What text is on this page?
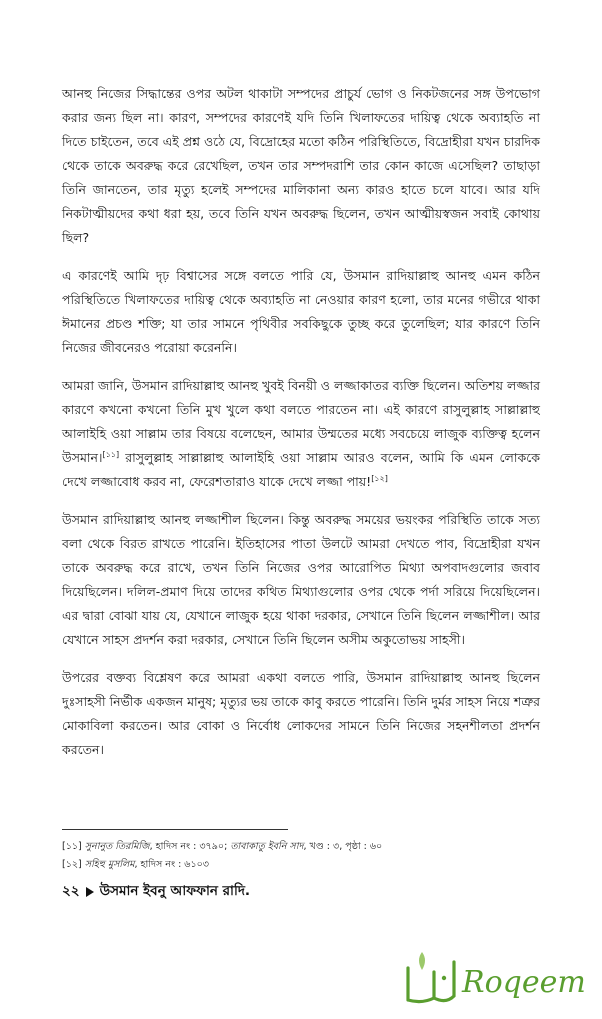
আনহু নিজের সিদ্ধান্তের ওপর অটল থাকাটা সম্পদের প্রাচুর্য ভোগ ও নিকটজনের সঙ্গ উপভোগ করার জন্য ছিল না। কারণ, সম্পদের কারণেই যদি তিনি খিলাফতের দায়িত্ব থেকে অব্যাহতি না দিতে চাইতেন, তবে এই প্রশ্ন ওঠে যে, বিদ্রোহের মতো কঠিন পরিস্থিতিতে, বিদ্রোহীরা যখন চারদিক থেকে তাকে অবরুদ্ধ করে রেখেছিল, তখন তার সম্পদরাশি তার কোন কাজে এসেছিল? তাছাড়া তিনি জানতেন, তার মৃত্যু হলেই সম্পদের মালিকানা অন্য কারও হাতে চলে যাবে। আর যদি নিকটাত্মীয়দের কথা ধরা হয়, তবে তিনি যখন অবরুদ্ধ ছিলেন, তখন আত্মীয়স্বজন সবাই কোথায় ছিল?

এ কারণেই আমি দৃঢ় বিশ্বাসের সঙ্গে বলতে পারি যে, উসমান রাদিয়াল্লাহু আনহু এমন কঠিন পরিস্থিতিতে খিলাফতের দায়িত্ব থেকে অব্যাহতি না নেওয়ার কারণ হলো, তার মনের গভীরে থাকা ঈমানের প্রচণ্ড শক্তি; যা তার সামনে পৃথিবীর সবকিছুকে তুচ্ছ করে তুলেছিল; যার কারণে তিনি নিজের জীবনেরও পরোয়া করেননি।

আমরা জানি, উসমান রাদিয়াল্লাহু আনহু খুবই বিনয়ী ও লজ্জাকাতর ব্যক্তি ছিলেন। অতিশয় লজ্জার কারণে কখনো কখনো তিনি মুখ খুলে কথা বলতে পারতেন না। এই কারণে রাসুলুল্লাহ সাল্লাল্লাহু আলাইহি ওয়া সাল্লাম তার বিষয়ে বলেছেন, আমার উম্মতের মধ্যে সবচেয়ে লাজুক ব্যক্তিত্ব হলেন উসমান।[১১] রাসুলুল্লাহ সাল্লাল্লাহু আলাইহি ওয়া সাল্লাম আরও বলেন, আমি কি এমন লোককে দেখে লজ্জাবোধ করব না, ফেরেশতারাও যাকে দেখে লজ্জা পায়![১২]

উসমান রাদিয়াল্লাহু আনহু লজ্জাশীল ছিলেন। কিন্তু অবরুদ্ধ সময়ের ভয়ংকর পরিস্থিতি তাকে সত্য বলা থেকে বিরত রাখতে পারেনি। ইতিহাসের পাতা উলটে আমরা দেখতে পাব, বিদ্রোহীরা যখন তাকে অবরুদ্ধ করে রাখে, তখন তিনি নিজের ওপর আরোপিত মিথ্যা অপবাদগুলোর জবাব দিয়েছিলেন। দলিল-প্রমাণ দিয়ে তাদের কথিত মিথ্যাগুলোর ওপর থেকে পর্দা সরিয়ে দিয়েছিলেন। এর দ্বারা বোঝা যায় যে, যেখানে লাজুক হয়ে থাকা দরকার, সেখানে তিনি ছিলেন লজ্জাশীল। আর যেখানে সাহস প্রদর্শন করা দরকার, সেখানে তিনি ছিলেন অসীম অকুতোভয় সাহসী।

উপরের বক্তব্য বিশ্লেষণ করে আমরা একথা বলতে পারি, উসমান রাদিয়াল্লাহু আনহু ছিলেন দুঃসাহসী নির্ভীক একজন মানুষ; মৃত্যুর ভয় তাকে কাবু করতে পারেনি। তিনি দুর্মর সাহস নিয়ে শত্রুর মোকাবিলা করতেন। আর বোকা ও নির্বোধ লোকদের সামনে তিনি নিজের সহনশীলতা প্রদর্শন করতেন।

[১১] সুনানুত তিরমিজি, হাদিস নং : ৩৭৯০; তাবাকাতু ইবনি সাদ, খণ্ড : ৩, পৃষ্ঠা : ৬০
[১২] সহিহু মুসলিম, হাদিস নং : ৬১০৩
২২ উসমান ইবনু আফফান রাদি.
Roqeem
